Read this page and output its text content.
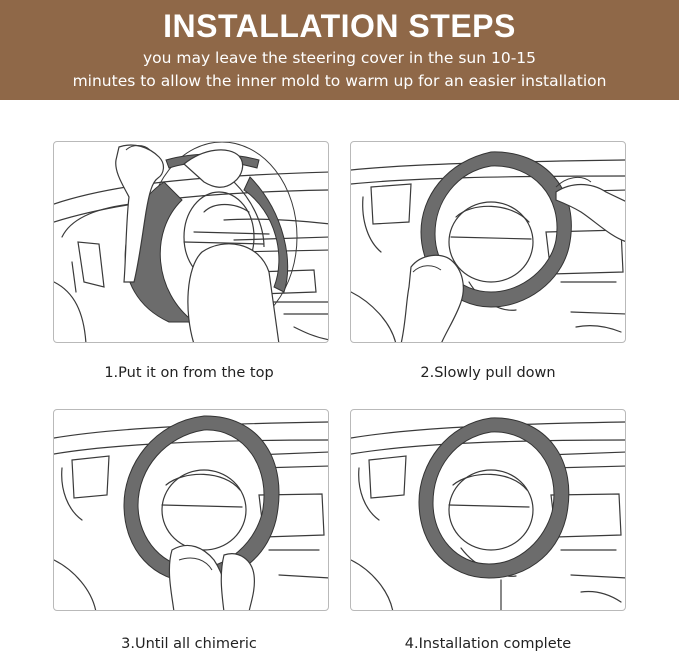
INSTALLATION STEPS
you may leave the steering cover in the sun 10-15
minutes to allow the inner mold to warm up for an easier installation
1.Put it on from the top	2.Slowly pull down
3.Until all chimeric	4.Installation complete
